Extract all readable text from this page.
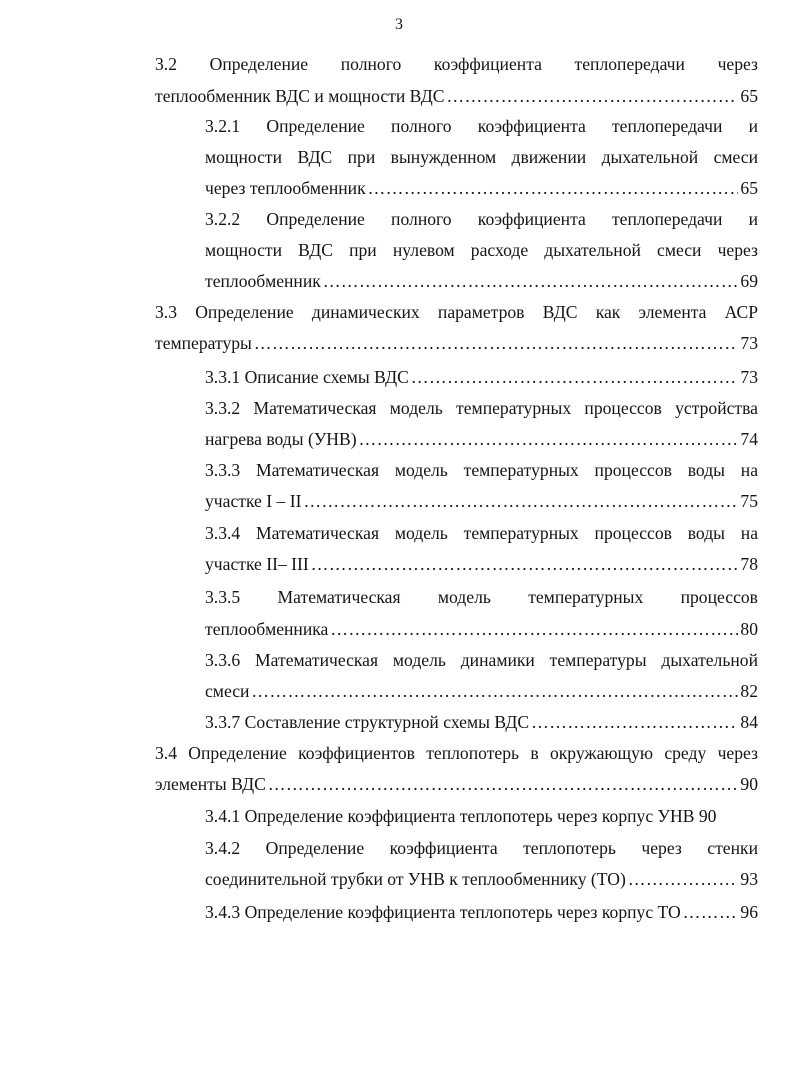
3
3.2 Определение полного коэффициента теплопередачи через
теплообменник ВДС и мощности ВДС ………………………………………………………………………………………………………………………………………………………………………………………………	65
3.2.1 Определение полного коэффициента теплопередачи и
мощности ВДС при вынужденном движении дыхательной смеси
через теплообменник ………………………………………………………………………………………………………………………………………………………………………………………………	65
3.2.2 Определение полного коэффициента теплопередачи и
мощности ВДС при нулевом расходе дыхательной смеси через
теплообменник ………………………………………………………………………………………………………………………………………………………………………………………………	69
3.3 Определение динамических параметров ВДС как элемента АСР
температуры ………………………………………………………………………………………………………………………………………………………………………………………………	73
3.3.1 Описание схемы ВДС ………………………………………………………………………………………………………………………………………………………………………………………………	73
3.3.2 Математическая модель температурных процессов устройства
нагрева воды (УНВ) ………………………………………………………………………………………………………………………………………………………………………………………………	74
3.3.3 Математическая модель температурных процессов воды на
участке I – II ………………………………………………………………………………………………………………………………………………………………………………………………	75
3.3.4 Математическая модель температурных процессов воды на
участке II– III ………………………………………………………………………………………………………………………………………………………………………………………………	78
3.3.5 Математическая модель температурных процессов
теплообменника ………………………………………………………………………………………………………………………………………………………………………………………………	80
3.3.6 Математическая модель динамики температуры дыхательной
смеси ………………………………………………………………………………………………………………………………………………………………………………………………	82
3.3.7 Составление структурной схемы ВДС ………………………………………………………………………………………………………………………………………………………………………………………………	84
3.4 Определение коэффициентов теплопотерь в окружающую среду через
элементы ВДС ………………………………………………………………………………………………………………………………………………………………………………………………	90
3.4.1 Определение коэффициента теплопотерь через корпус УНВ 90
3.4.2 Определение коэффициента теплопотерь через стенки
соединительной трубки от УНВ к теплообменнику (ТО) ………………………………………………………………………………………………………………………………………………………………………………………………	93
3.4.3 Определение коэффициента теплопотерь через корпус ТО ………………………………………………………………………………………………………………………………………………………………………………………………	96
